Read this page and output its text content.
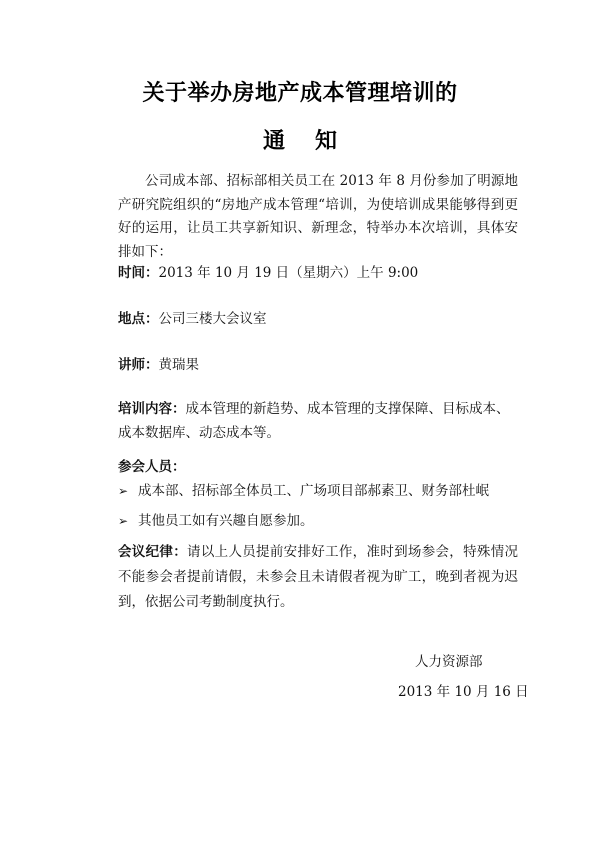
关于举办房地产成本管理培训的
通知
公司成本部、招标部相关员工在 2013 年 8 月份参加了明源地产研究院组织的“房地产成本管理“培训，为使培训成果能够得到更好的运用，让员工共享新知识、新理念，特举办本次培训，具体安排如下：
时间：2013 年 10 月 19 日（星期六）上午 9:00
地点：公司三楼大会议室
讲师：黄瑞果
培训内容：成本管理的新趋势、成本管理的支撑保障、目标成本、成本数据库、动态成本等。
参会人员：
➢ 成本部、招标部全体员工、广场项目部郝素卫、财务部杜岷
➢ 其他员工如有兴趣自愿参加。
会议纪律：请以上人员提前安排好工作，准时到场参会，特殊情况不能参会者提前请假，未参会且未请假者视为旷工，晚到者视为迟到，依据公司考勤制度执行。
人力资源部
2013 年 10 月 16 日
